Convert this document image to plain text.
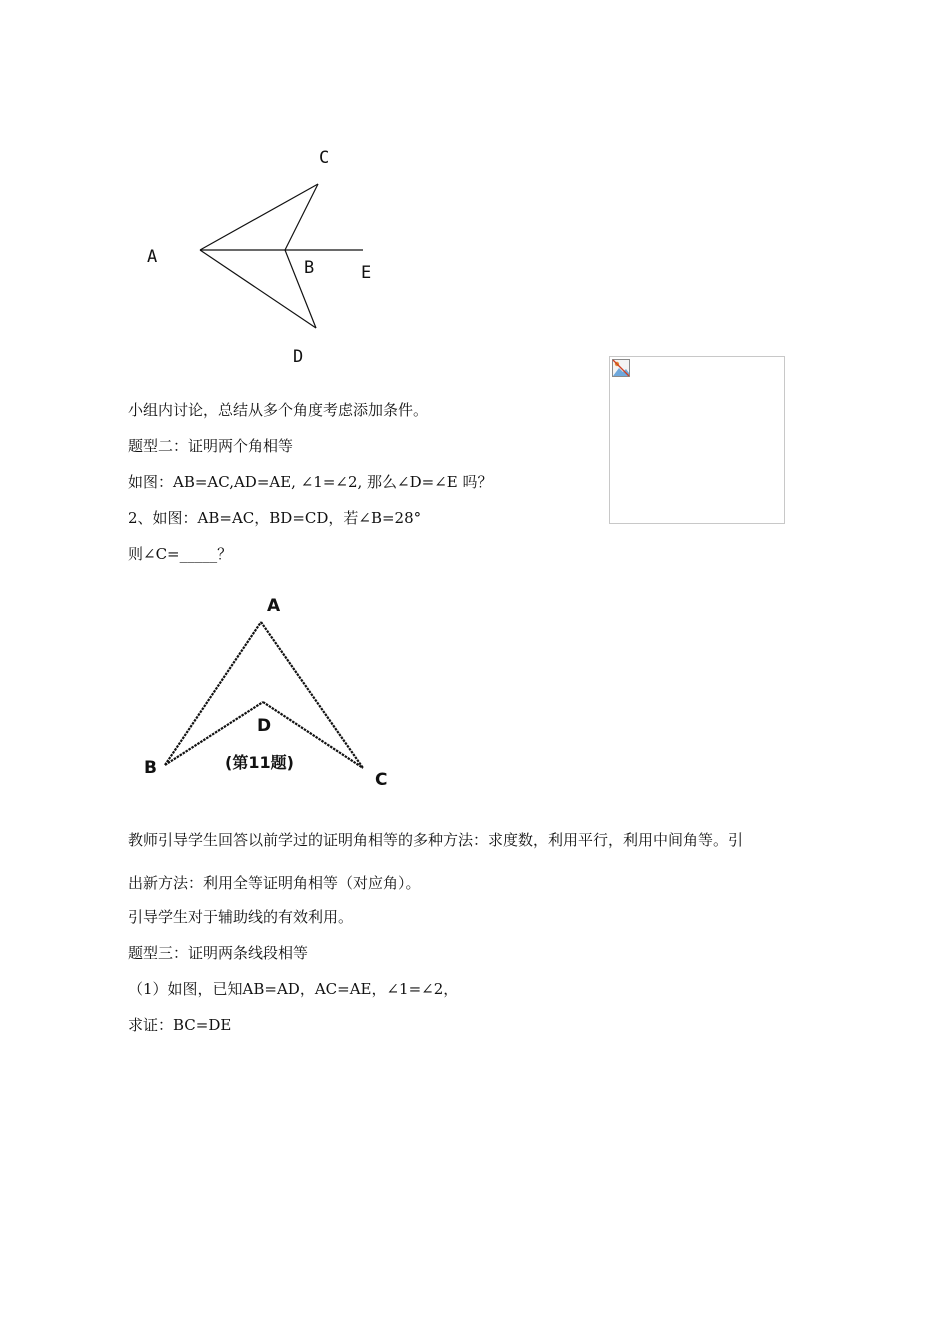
C
A
B	E
D
小组内讨论，总结从多个角度考虑添加条件。
题型二：证明两个角相等
如图：AB=AC,AD=AE, ∠1=∠2, 那么∠D=∠E 吗？
2、如图：AB=AC，BD=CD，若∠B=28°
则∠C=_____？
A
D
B
C
(第11题)
教师引导学生回答以前学过的证明角相等的多种方法：求度数，利用平行，利用中间角等。引
出新方法：利用全等证明角相等（对应角）。
引导学生对于辅助线的有效利用。
题型三：证明两条线段相等
（1）如图，已知AB=AD，AC=AE，∠1=∠2，
求证：BC=DE
